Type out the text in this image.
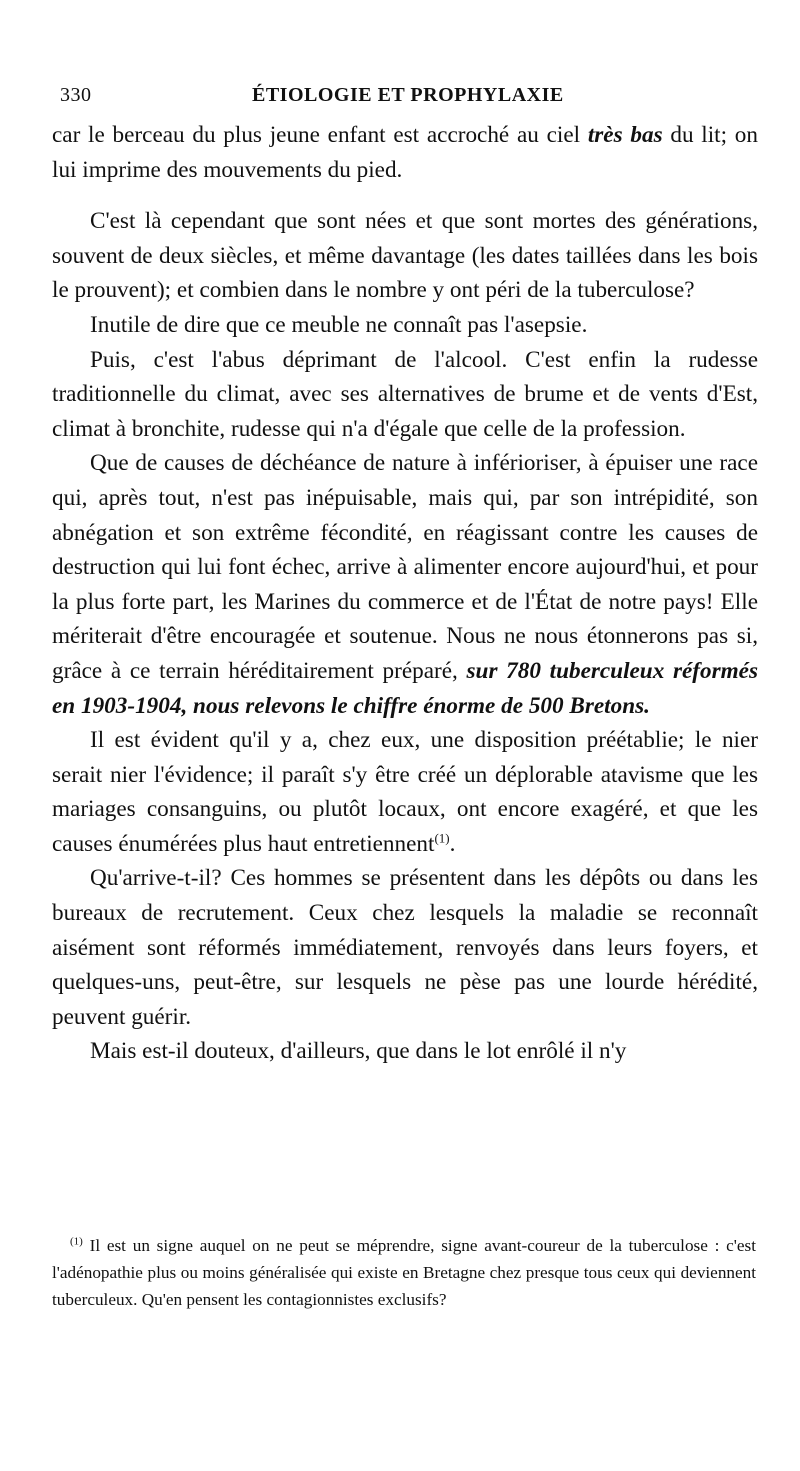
330	ÉTIOLOGIE ET PROPHYLAXIE

car le berceau du plus jeune enfant est accroché au ciel très bas du lit; on lui imprime des mouvements du pied.

C'est là cependant que sont nées et que sont mortes des générations, souvent de deux siècles, et même davantage (les dates taillées dans les bois le prouvent); et combien dans le nombre y ont péri de la tuberculose?

Inutile de dire que ce meuble ne connaît pas l'asepsie.

Puis, c'est l'abus déprimant de l'alcool. C'est enfin la rudesse traditionnelle du climat, avec ses alternatives de brume et de vents d'Est, climat à bronchite, rudesse qui n'a d'égale que celle de la profession.

Que de causes de déchéance de nature à inférioriser, à épuiser une race qui, après tout, n'est pas inépuisable, mais qui, par son intrépidité, son abnégation et son extrême fécondité, en réagissant contre les causes de destruction qui lui font échec, arrive à alimenter encore aujourd'hui, et pour la plus forte part, les Marines du commerce et de l'État de notre pays! Elle mériterait d'être encouragée et soutenue. Nous ne nous étonnerons pas si, grâce à ce terrain héréditairement préparé, sur 780 tuberculeux réformés en 1903-1904, nous relevons le chiffre énorme de 500 Bretons.

Il est évident qu'il y a, chez eux, une disposition préétablie; le nier serait nier l'évidence; il paraît s'y être créé un déplorable atavisme que les mariages consanguins, ou plutôt locaux, ont encore exagéré, et que les causes énumérées plus haut entretiennent$^{(1)}$.

Qu'arrive-t-il? Ces hommes se présentent dans les dépôts ou dans les bureaux de recrutement. Ceux chez lesquels la maladie se reconnaît aisément sont réformés immédiatement, renvoyés dans leurs foyers, et quelques-uns, peut-être, sur lesquels ne pèse pas une lourde hérédité, peuvent guérir.

Mais est-il douteux, d'ailleurs, que dans le lot enrôlé il n'y

$^{(1)}$ Il est un signe auquel on ne peut se méprendre, signe avant-coureur de la tuberculose : c'est l'adénopathie plus ou moins généralisée qui existe en Bretagne chez presque tous ceux qui deviennent tuberculeux. Qu'en pensent les contagionnistes exclusifs?
